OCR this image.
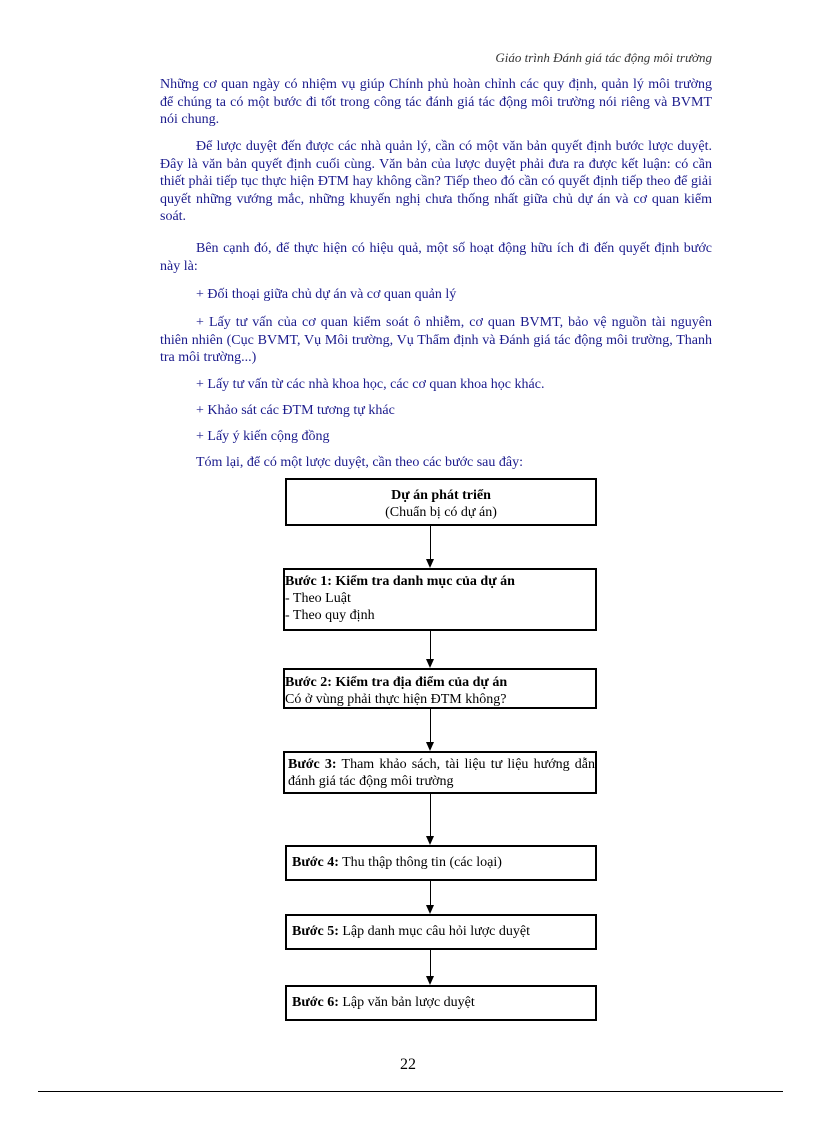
Giáo trình Đánh giá tác động môi trường

Những cơ quan ngày có nhiệm vụ giúp Chính phủ hoàn chỉnh các quy định, quản lý môi trường để chúng ta có một bước đi tốt trong công tác đánh giá tác động môi trường nói riêng và BVMT nói chung.

Để lược duyệt đến được các nhà quản lý, cần có một văn bản quyết định bước lược duyệt. Đây là văn bản quyết định cuối cùng. Văn bản của lược duyệt phải đưa ra được kết luận: có cần thiết phải tiếp tục thực hiện ĐTM hay không cần? Tiếp theo đó cần có quyết định tiếp theo để giải quyết những vướng mắc, những khuyến nghị chưa thống nhất giữa chủ dự án và cơ quan kiểm soát.

Bên cạnh đó, để thực hiện có hiệu quả, một số hoạt động hữu ích đi đến quyết định bước này là:

+ Đối thoại giữa chủ dự án và cơ quan quản lý

+ Lấy tư vấn của cơ quan kiểm soát ô nhiễm, cơ quan BVMT, bảo vệ nguồn tài nguyên thiên nhiên (Cục BVMT, Vụ Môi trường, Vụ Thẩm định và Đánh giá tác động môi trường, Thanh tra môi trường...)

+ Lấy tư vấn từ các nhà khoa học, các cơ quan khoa học khác.

+ Khảo sát các ĐTM tương tự khác

+ Lấy ý kiến cộng đồng

Tóm lại, để có một lược duyệt, cần theo các bước sau đây:

Dự án phát triển
(Chuẩn bị có dự án)
Bước 1: Kiểm tra danh mục của dự án
- Theo Luật
- Theo quy định
Bước 2: Kiểm tra địa điểm của dự án
Có ở vùng phải thực hiện ĐTM không?
Bước 3: Tham khảo sách, tài liệu tư liệu hướng dẫn đánh giá tác động môi trường
Bước 4: Thu thập thông tin (các loại)
Bước 5: Lập danh mục câu hỏi lược duyệt
Bước 6: Lập văn bản lược duyệt
22
